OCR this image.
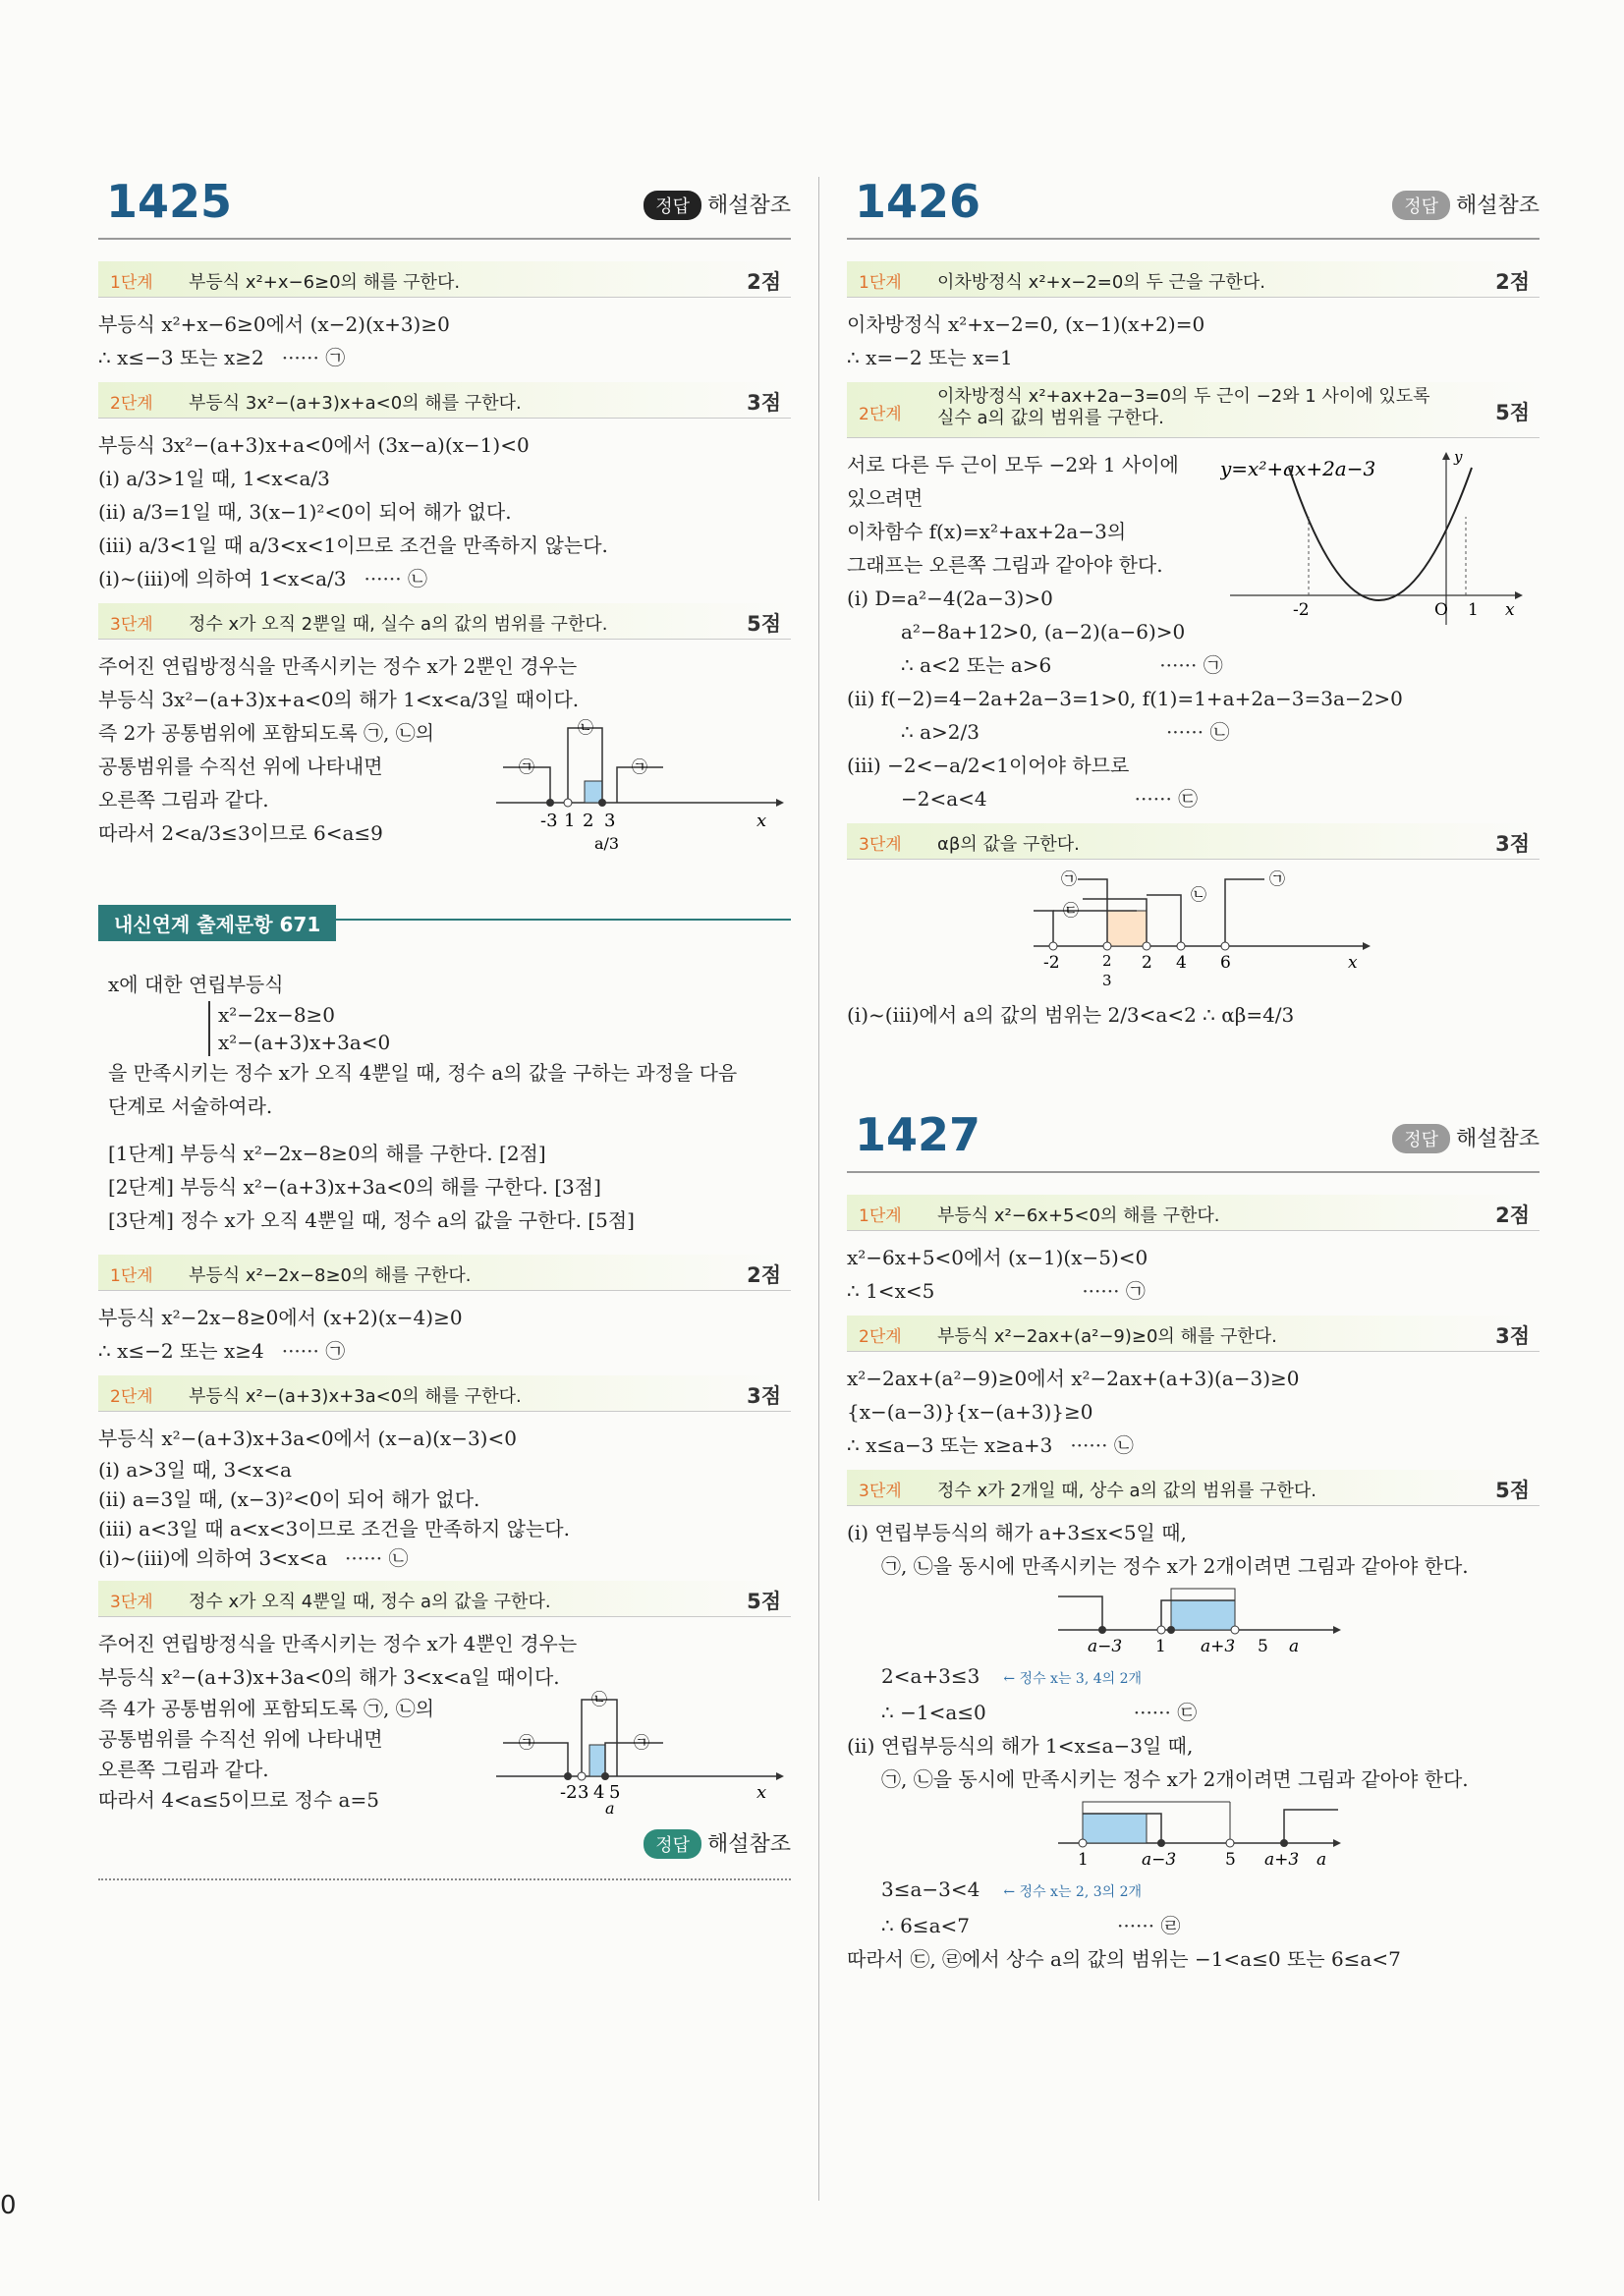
1425	정답 해설참조
1단계 부등식 x²+x−6≥0의 해를 구한다.	2점
부등식 x²+x−6≥0에서 (x−2)(x+3)≥0
∴ x≤−3 또는 x≥2 ······ ㉠
2단계 부등식 3x²−(a+3)x+a<0의 해를 구한다.	3점
부등식 3x²−(a+3)x+a<0에서 (3x−a)(x−1)<0
(ⅰ) a/3>1일 때, 1<x<a/3
(ⅱ) a/3=1일 때, 3(x−1)²<0이 되어 해가 없다.
(ⅲ) a/3<1일 때 a/3<x<1이므로 조건을 만족하지 않는다.
(ⅰ)~(ⅲ)에 의하여 1<x<a/3 ······ ㉡
3단계 정수 x가 오직 2뿐일 때, 실수 a의 값의 범위를 구한다.	5점
주어진 연립방정식을 만족시키는 정수 x가 2뿐인 경우는
부등식 3x²−(a+3)x+a<0의 해가 1<x<a/3일 때이다.
즉 2가 공통범위에 포함되도록 ㉠, ㉡의
공통범위를 수직선 위에 나타내면
오른쪽 그림과 같다.
따라서 2<a/3≤3이므로 6<a≤9
-3 1 2 3
a/3
x
㉠
㉡
㉠
내신연계 출제문항 671
x에 대한 연립부등식
x²−2x−8≥0
x²−(a+3)x+3a<0
을 만족시키는 정수 x가 오직 4뿐일 때, 정수 a의 값을 구하는 과정을 다음
단계로 서술하여라.
[1단계] 부등식 x²−2x−8≥0의 해를 구한다. [2점]
[2단계] 부등식 x²−(a+3)x+3a<0의 해를 구한다. [3점]
[3단계] 정수 x가 오직 4뿐일 때, 정수 a의 값을 구한다. [5점]
1단계 부등식 x²−2x−8≥0의 해를 구한다.	2점
부등식 x²−2x−8≥0에서 (x+2)(x−4)≥0
∴ x≤−2 또는 x≥4 ······ ㉠
2단계 부등식 x²−(a+3)x+3a<0의 해를 구한다.	3점
부등식 x²−(a+3)x+3a<0에서 (x−a)(x−3)<0
(ⅰ) a>3일 때, 3<x<a
(ⅱ) a=3일 때, (x−3)²<0이 되어 해가 없다.
(ⅲ) a<3일 때 a<x<3이므로 조건을 만족하지 않는다.
(ⅰ)~(ⅲ)에 의하여 3<x<a ······ ㉡
3단계 정수 x가 오직 4뿐일 때, 정수 a의 값을 구한다.	5점
주어진 연립방정식을 만족시키는 정수 x가 4뿐인 경우는
부등식 x²−(a+3)x+3a<0의 해가 3<x<a일 때이다.
즉 4가 공통범위에 포함되도록 ㉠, ㉡의
공통범위를 수직선 위에 나타내면
오른쪽 그림과 같다.
따라서 4<a≤5이므로 정수 a=5	-2 3 4 5
a
x
㉠
㉡
㉠
정답 해설참조
1426	정답 해설참조
1단계 이차방정식 x²+x−2=0의 두 근을 구한다.	2점
이차방정식 x²+x−2=0, (x−1)(x+2)=0
∴ x=−2 또는 x=1
2단계
이차방정식 x²+ax+2a−3=0의 두 근이 −2와 1 사이에 있도록
실수 a의 값의 범위를 구한다.	5점
서로 다른 두 근이 모두 −2와 1 사이에
있으려면
이차함수 f(x)=x²+ax+2a−3의
그래프는 오른쪽 그림과 같아야 한다.
(ⅰ) D=a²−4(2a−3)>0
y=x²+ax+2a−3
-2	O 1 x
y
a²−8a+12>0, (a−2)(a−6)>0
∴ a<2 또는 a>6	······ ㉠
(ⅱ) f(−2)=4−2a+2a−3=1>0, f(1)=1+a+2a−3=3a−2>0
∴ a>2/3	······ ㉡
(ⅲ) −2<−a/2<1이어야 하므로
−2<a<4	······ ㉢
3단계 αβ의 값을 구한다.	3점
-2	2
3
2 4 6	x
㉠
㉢
㉡
㉠
(ⅰ)~(ⅲ)에서 a의 값의 범위는 2/3<a<2 ∴ αβ=4/3
1427	정답 해설참조
1단계 부등식 x²−6x+5<0의 해를 구한다.	2점
x²−6x+5<0에서 (x−1)(x−5)<0
∴ 1<x<5	······ ㉠
2단계 부등식 x²−2ax+(a²−9)≥0의 해를 구한다.	3점
x²−2ax+(a²−9)≥0에서 x²−2ax+(a+3)(a−3)≥0
{x−(a−3)}{x−(a+3)}≥0
∴ x≤a−3 또는 x≥a+3 ······ ㉡
3단계 정수 x가 2개일 때, 상수 a의 값의 범위를 구한다.	5점
(ⅰ) 연립부등식의 해가 a+3≤x<5일 때,
㉠, ㉡을 동시에 만족시키는 정수 x가 2개이려면 그림과 같아야 한다.
a−3 1 a+3 5 a
2<a+3≤3 ← 정수 x는 3, 4의 2개
∴ −1<a≤0	······ ㉢
(ⅱ) 연립부등식의 해가 1<x≤a−3일 때,
㉠, ㉡을 동시에 만족시키는 정수 x가 2개이려면 그림과 같아야 한다.
1	a−3	5 a+3 a
3≤a−3<4 ← 정수 x는 2, 3의 2개
∴ 6≤a<7	······ ㉣
따라서 ㉢, ㉣에서 상수 a의 값의 범위는 −1<a≤0 또는 6≤a<7
0
